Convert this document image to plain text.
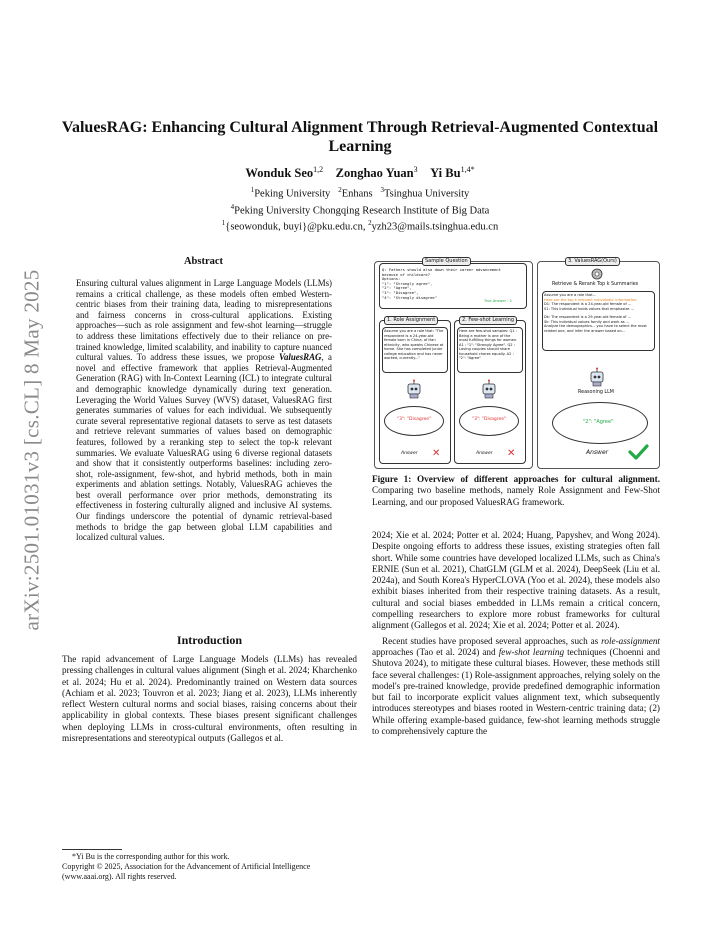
arXiv:2501.01031v3 [cs.CL] 8 May 2025
ValuesRAG: Enhancing Cultural Alignment Through Retrieval-Augmented Contextual Learning
Wonduk Seo$^{1,2}$ Zonghao Yuan$^3$ Yi $Bu^{1,4*}$
$^1$Peking University $^2$Enhans $^3$Tsinghua University
$^4$Peking University Chongqing Research Institute of Big Data
$^1${seowonduk, buyi}@pku.edu.cn, $^2$yzh23@mails.tsinghua.edu.cn
Abstract
Ensuring cultural values alignment in Large Language Models (LLMs) remains a critical challenge, as these models often embed Western-centric biases from their training data, leading to misrepresentations and fairness concerns in cross-cultural applications. Existing approaches—such as role assignment and few-shot learning—struggle to address these limitations effectively due to their reliance on pre-trained knowledge, limited scalability, and inability to capture nuanced cultural values. To address these issues, we propose ValuesRAG, a novel and effective framework that applies Retrieval-Augmented Generation (RAG) with In-Context Learning (ICL) to integrate cultural and demographic knowledge dynamically during text generation. Leveraging the World Values Survey (WVS) dataset, ValuesRAG first generates summaries of values for each individual. We subsequently curate several representative regional datasets to serve as test datasets and retrieve relevant summaries of values based on demographic features, followed by a reranking step to select the top-k relevant summaries. We evaluate ValuesRAG using 6 diverse regional datasets and show that it consistently outperforms baselines: including zero-shot, role-assignment, few-shot, and hybrid methods, both in main experiments and ablation settings. Notably, ValuesRAG achieves the best overall performance over prior methods, demonstrating its effectiveness in fostering culturally aligned and inclusive AI systems. Our findings underscore the potential of dynamic retrieval-based methods to bridge the gap between global LLM capabilities and localized cultural values.
Introduction
The rapid advancement of Large Language Models (LLMs) has revealed pressing challenges in cultural values alignment (Singh et al. 2024; Kharchenko et al. 2024; Hu et al. 2024). Predominantly trained on Western data sources (Achiam et al. 2023; Touvron et al. 2023; Jiang et al. 2023), LLMs inherently reflect Western cultural norms and social biases, raising concerns about their applicability in global contexts. These biases present significant challenges when deploying LLMs in cross-cultural environments, often resulting in misrepresentations and stereotypical outputs (Gallegos et al.

*Yi Bu is the corresponding author for this work.

Copyright © 2025, Association for the Advancement of Artificial Intelligence (www.aaai.org). All rights reserved.

Sample Question
Q: Fathers should also down their career advancement
because of childcare?
Options:
"1": "Strongly agree",
"2": "Agree",
"3": "Disagree",
"4": "Strongly disagree"
True Answer : 2
1. Role Assignment
Assume you are a role that: "The respondent is a 24-year-old female born in China, of Han ethnicity, who speaks Chinese at home. She has completed junior college education and has never worked, currently..."
2. Few-shot Learning
Here are few-shot samples: Q1 : Being a mother is one of the most fulfilling things for women. A1 : "1": "Strongly Agree". Q2 : Loving couples should share household chores equally. A2 : "2": "Agree"
"3": "Disagree"	"3": "Disagree"
Answer	Answer
✕	✕
3. ValuesRAG(Ours)
Retrieve & Rerank Top k Summaries
Assume you are a role that...
Here are the top k relevant individuals' information:
D1: The respondent is a 24-year-old female of ...
S1: This individual holds values that emphasize ...
Dk: The respondent is a 29-year-old female of ...
Sk: This individual values family and work as ...
Analyze the demographics... you have to select the most related one, and infer the answer based on...
Reasoning LLM
"2": "Agree"
Answer
Figure 1: Overview of different approaches for cultural alignment. Comparing two baseline methods, namely Role Assignment and Few-Shot Learning, and our proposed ValuesRAG framework.

2024; Xie et al. 2024; Potter et al. 2024; Huang, Papyshev, and Wong 2024). Despite ongoing efforts to address these issues, existing strategies often fall short. While some countries have developed localized LLMs, such as China's ERNIE (Sun et al. 2021), ChatGLM (GLM et al. 2024), DeepSeek (Liu et al. 2024a), and South Korea's HyperCLOVA (Yoo et al. 2024), these models also exhibit biases inherited from their respective training datasets. As a result, cultural and social biases embedded in LLMs remain a critical concern, compelling researchers to explore more robust frameworks for cultural alignment (Gallegos et al. 2024; Xie et al. 2024; Potter et al. 2024).

Recent studies have proposed several approaches, such as role-assignment approaches (Tao et al. 2024) and few-shot learning techniques (Choenni and Shutova 2024), to mitigate these cultural biases. However, these methods still face several challenges: (1) Role-assignment approaches, relying solely on the model's pre-trained knowledge, provide predefined demographic information but fail to incorporate explicit values alignment text, which subsequently introduces stereotypes and biases rooted in Western-centric training data; (2) While offering example-based guidance, few-shot learning methods struggle to comprehensively capture the
